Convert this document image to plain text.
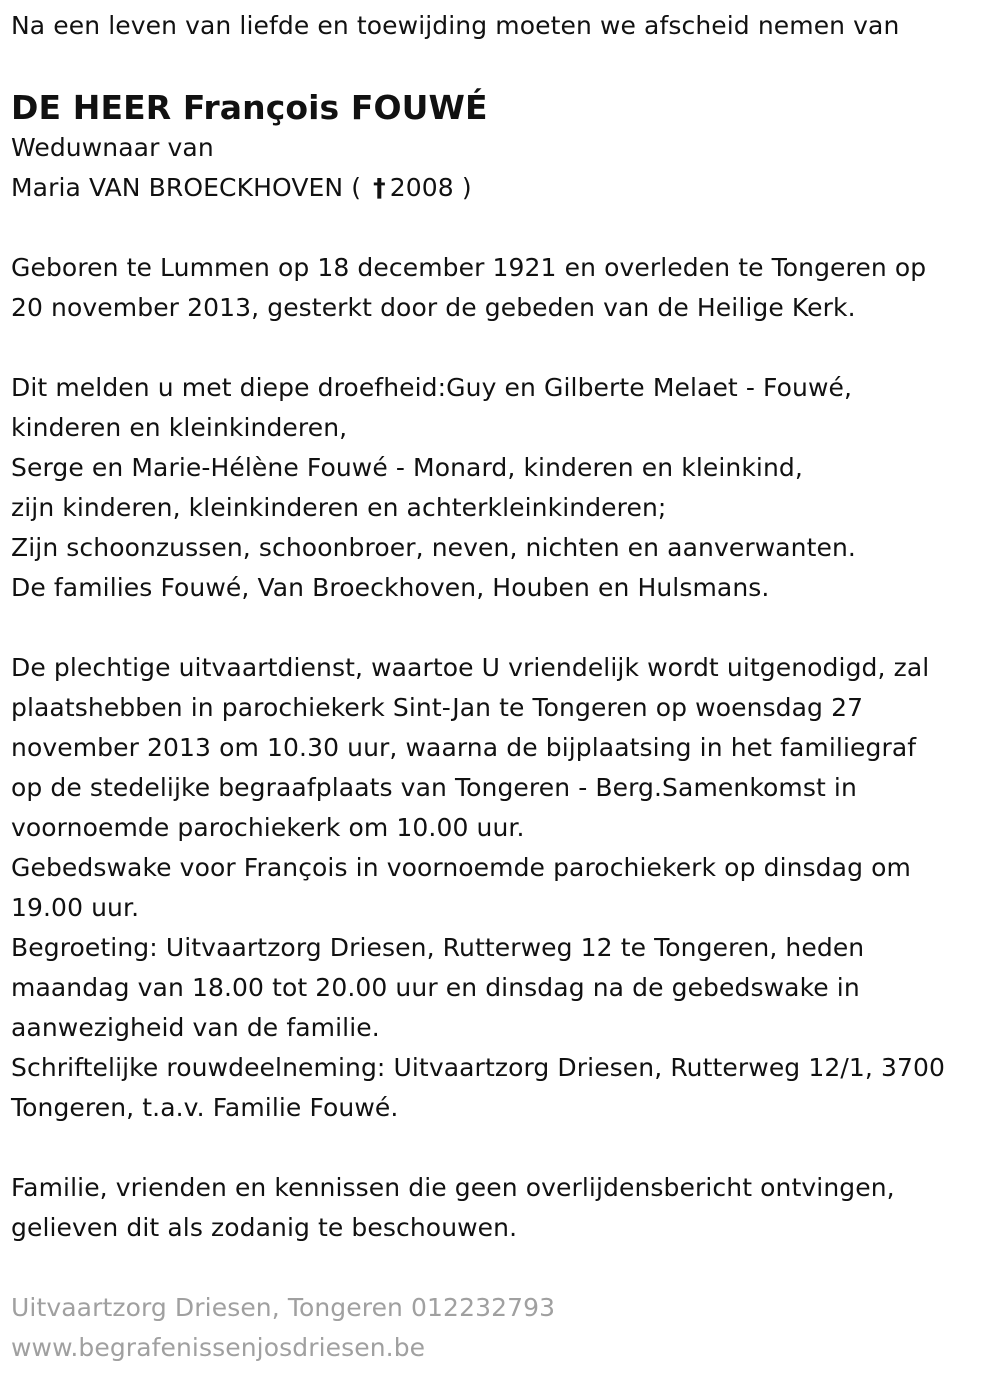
Na een leven van liefde en toewijding moeten we afscheid nemen van
DE HEER François FOUWÉ
Weduwnaar van
Maria VAN BROECKHOVEN ( † 2008 )
Geboren te Lummen op 18 december 1921 en overleden te Tongeren op
20 november 2013, gesterkt door de gebeden van de Heilige Kerk.
Dit melden u met diepe droefheid:Guy en Gilberte Melaet - Fouwé,
kinderen en kleinkinderen,
Serge en Marie-Hélène Fouwé - Monard, kinderen en kleinkind,
zijn kinderen, kleinkinderen en achterkleinkinderen;
Zijn schoonzussen, schoonbroer, neven, nichten en aanverwanten.
De families Fouwé, Van Broeckhoven, Houben en Hulsmans.
De plechtige uitvaartdienst, waartoe U vriendelijk wordt uitgenodigd, zal
plaatshebben in parochiekerk Sint-Jan te Tongeren op woensdag 27
november 2013 om 10.30 uur, waarna de bijplaatsing in het familiegraf
op de stedelijke begraafplaats van Tongeren - Berg.Samenkomst in
voornoemde parochiekerk om 10.00 uur.
Gebedswake voor François in voornoemde parochiekerk op dinsdag om
19.00 uur.
Begroeting: Uitvaartzorg Driesen, Rutterweg 12 te Tongeren, heden
maandag van 18.00 tot 20.00 uur en dinsdag na de gebedswake in
aanwezigheid van de familie.
Schriftelijke rouwdeelneming: Uitvaartzorg Driesen, Rutterweg 12/1, 3700
Tongeren, t.a.v. Familie Fouwé.
Familie, vrienden en kennissen die geen overlijdensbericht ontvingen,
gelieven dit als zodanig te beschouwen.
Uitvaartzorg Driesen, Tongeren 012232793
www.begrafenissenjosdriesen.be
